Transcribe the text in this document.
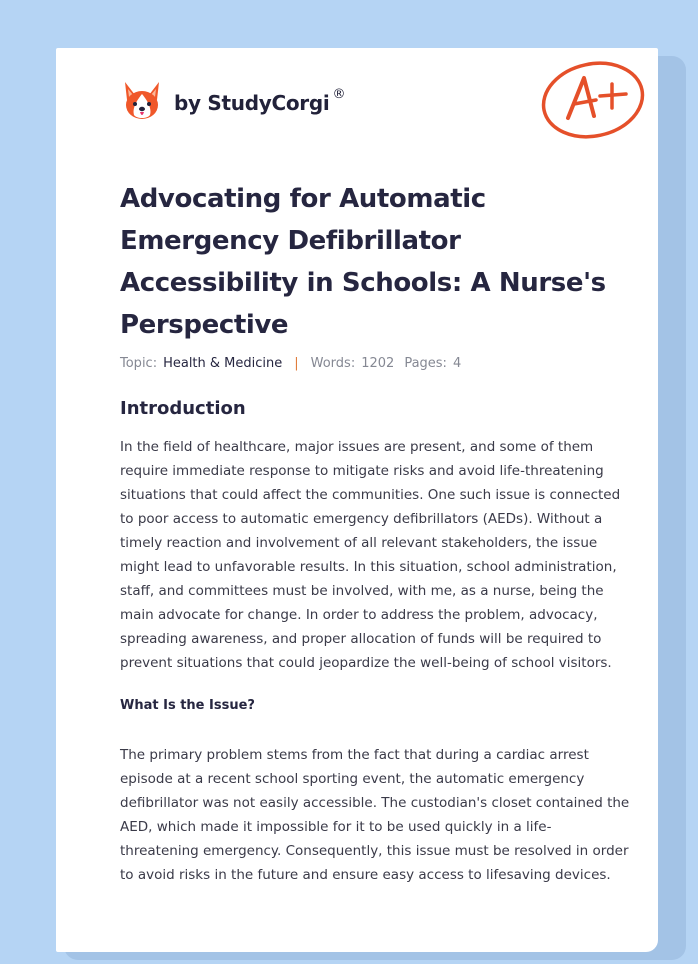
by StudyCorgi ®
Advocating for Automatic Emergency Defibrillator Accessibility in Schools: A Nurse's Perspective
Topic: Health & Medicine | Words: 1202 Pages: 4
Introduction

In the field of healthcare, major issues are present, and some of them require immediate response to mitigate risks and avoid life-threatening situations that could affect the communities. One such issue is connected to poor access to automatic emergency defibrillators (AEDs). Without a timely reaction and involvement of all relevant stakeholders, the issue might lead to unfavorable results. In this situation, school administration, staff, and committees must be involved, with me, as a nurse, being the main advocate for change. In order to address the problem, advocacy, spreading awareness, and proper allocation of funds will be required to prevent situations that could jeopardize the well-being of school visitors.

What Is the Issue?

The primary problem stems from the fact that during a cardiac arrest episode at a recent school sporting event, the automatic emergency defibrillator was not easily accessible. The custodian's closet contained the AED, which made it impossible for it to be used quickly in a life-threatening emergency. Consequently, this issue must be resolved in order to avoid risks in the future and ensure easy access to lifesaving devices.
